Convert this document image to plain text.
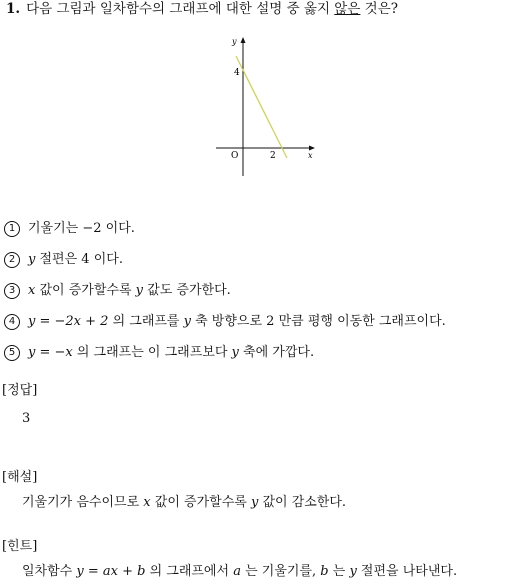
1. 다음 그림과 일차함수의 그래프에 대한 설명 중 옳지 않은 것은?
y
x
4
O	2
1 기울기는 −2 이다.
2 y 절편은 4 이다.
3 x 값이 증가할수록 y 값도 증가한다.
4 y = −2x + 2 의 그래프를 y 축 방향으로 2 만큼 평행 이동한 그래프이다.
5 y = −x 의 그래프는 이 그래프보다 y 축에 가깝다.
[정답]
3
[해설]
기울기가 음수이므로 x 값이 증가할수록 y 값이 감소한다.
[힌트]
일차함수 y = ax + b 의 그래프에서 a 는 기울기를, b 는 y 절편을 나타낸다.
